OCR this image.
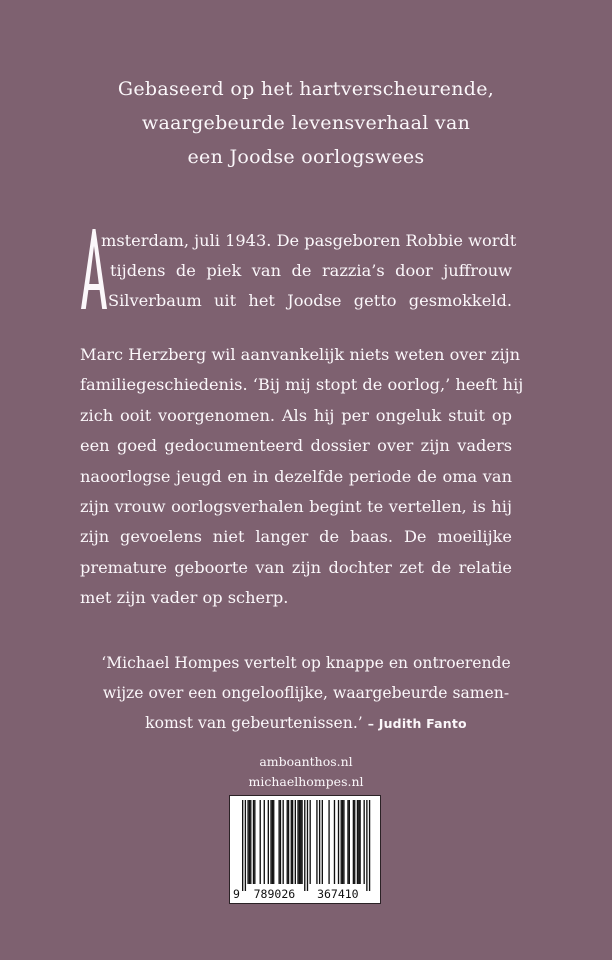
Gebaseerd op het hartverscheurende,
waargebeurde levensverhaal van
een Joodse oorlogswees
msterdam, juli 1943. De pasgeboren Robbie wordt
tijdens de piek van de razzia’s door juffrouw
Silverbaum uit het Joodse getto gesmokkeld.
Marc Herzberg wil aanvankelijk niets weten over zijn
familiegeschiedenis. ‘Bij mij stopt de oorlog,’ heeft hij
zich ooit voorgenomen. Als hij per ongeluk stuit op
een goed gedocumenteerd dossier over zijn vaders
naoorlogse jeugd en in dezelfde periode de oma van
zijn vrouw oorlogsverhalen begint te vertellen, is hij
zijn gevoelens niet langer de baas. De moeilijke
premature geboorte van zijn dochter zet de relatie
met zijn vader op scherp.
‘Michael Hompes vertelt op knappe en ontroerende
wijze over een ongelooflijke, waargebeurde samen-
komst van gebeurtenissen.’ – Judith Fanto
amboanthos.nl
michaelhompes.nl
9 789026 367410
